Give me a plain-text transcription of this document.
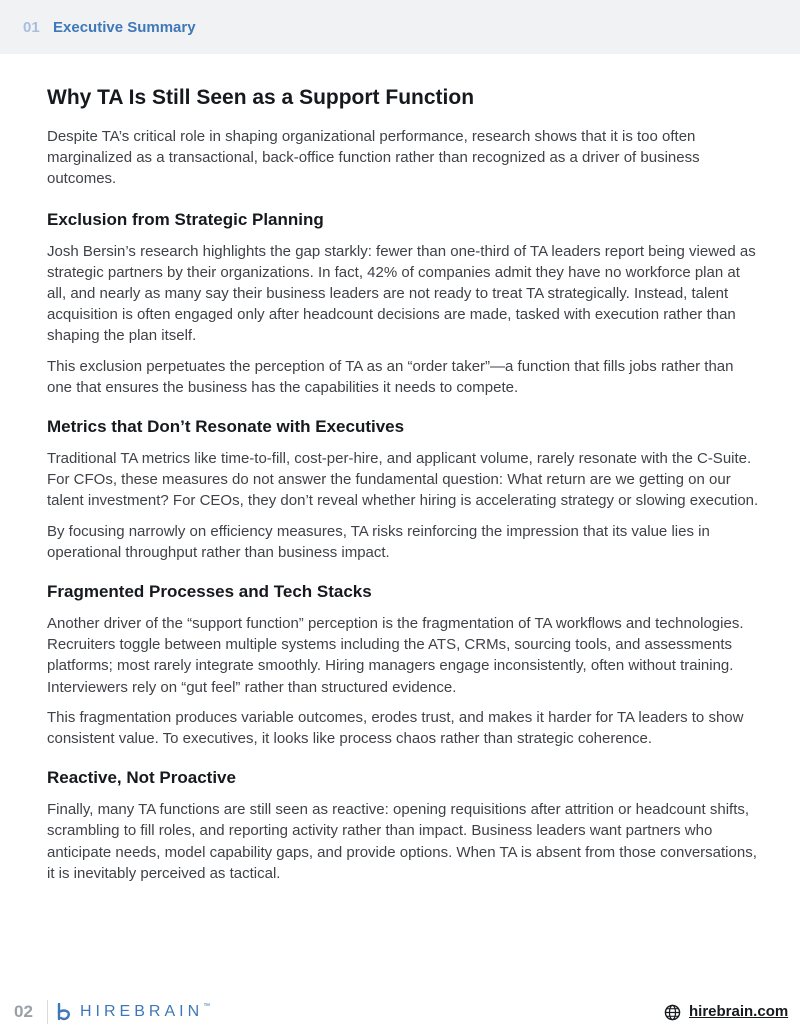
01 Executive Summary
Why TA Is Still Seen as a Support Function

Despite TA’s critical role in shaping organizational performance, research shows that it is too often marginalized as a transactional, back-office function rather than recognized as a driver of business outcomes.

Exclusion from Strategic Planning

Josh Bersin’s research highlights the gap starkly: fewer than one-third of TA leaders report being viewed as strategic partners by their organizations. In fact, 42% of companies admit they have no workforce plan at all, and nearly as many say their business leaders are not ready to treat TA strategically. Instead, talent acquisition is often engaged only after headcount decisions are made, tasked with execution rather than shaping the plan itself.

This exclusion perpetuates the perception of TA as an “order taker”—a function that fills jobs rather than one that ensures the business has the capabilities it needs to compete.

Metrics that Don’t Resonate with Executives

Traditional TA metrics like time-to-fill, cost-per-hire, and applicant volume, rarely resonate with the C-Suite. For CFOs, these measures do not answer the fundamental question: What return are we getting on our talent investment? For CEOs, they don’t reveal whether hiring is accelerating strategy or slowing execution.

By focusing narrowly on efficiency measures, TA risks reinforcing the impression that its value lies in operational throughput rather than business impact.

Fragmented Processes and Tech Stacks

Another driver of the “support function” perception is the fragmentation of TA workflows and technologies. Recruiters toggle between multiple systems including the ATS, CRMs, sourcing tools, and assessments platforms; most rarely integrate smoothly. Hiring managers engage inconsistently, often without training. Interviewers rely on “gut feel” rather than structured evidence.

This fragmentation produces variable outcomes, erodes trust, and makes it harder for TA leaders to show consistent value. To executives, it looks like process chaos rather than strategic coherence.

Reactive, Not Proactive

Finally, many TA functions are still seen as reactive: opening requisitions after attrition or headcount shifts, scrambling to fill roles, and reporting activity rather than impact. Business leaders want partners who anticipate needs, model capability gaps, and provide options. When TA is absent from those conversations, it is inevitably perceived as tactical.

02	HIREBRAIN™	hirebrain.com
